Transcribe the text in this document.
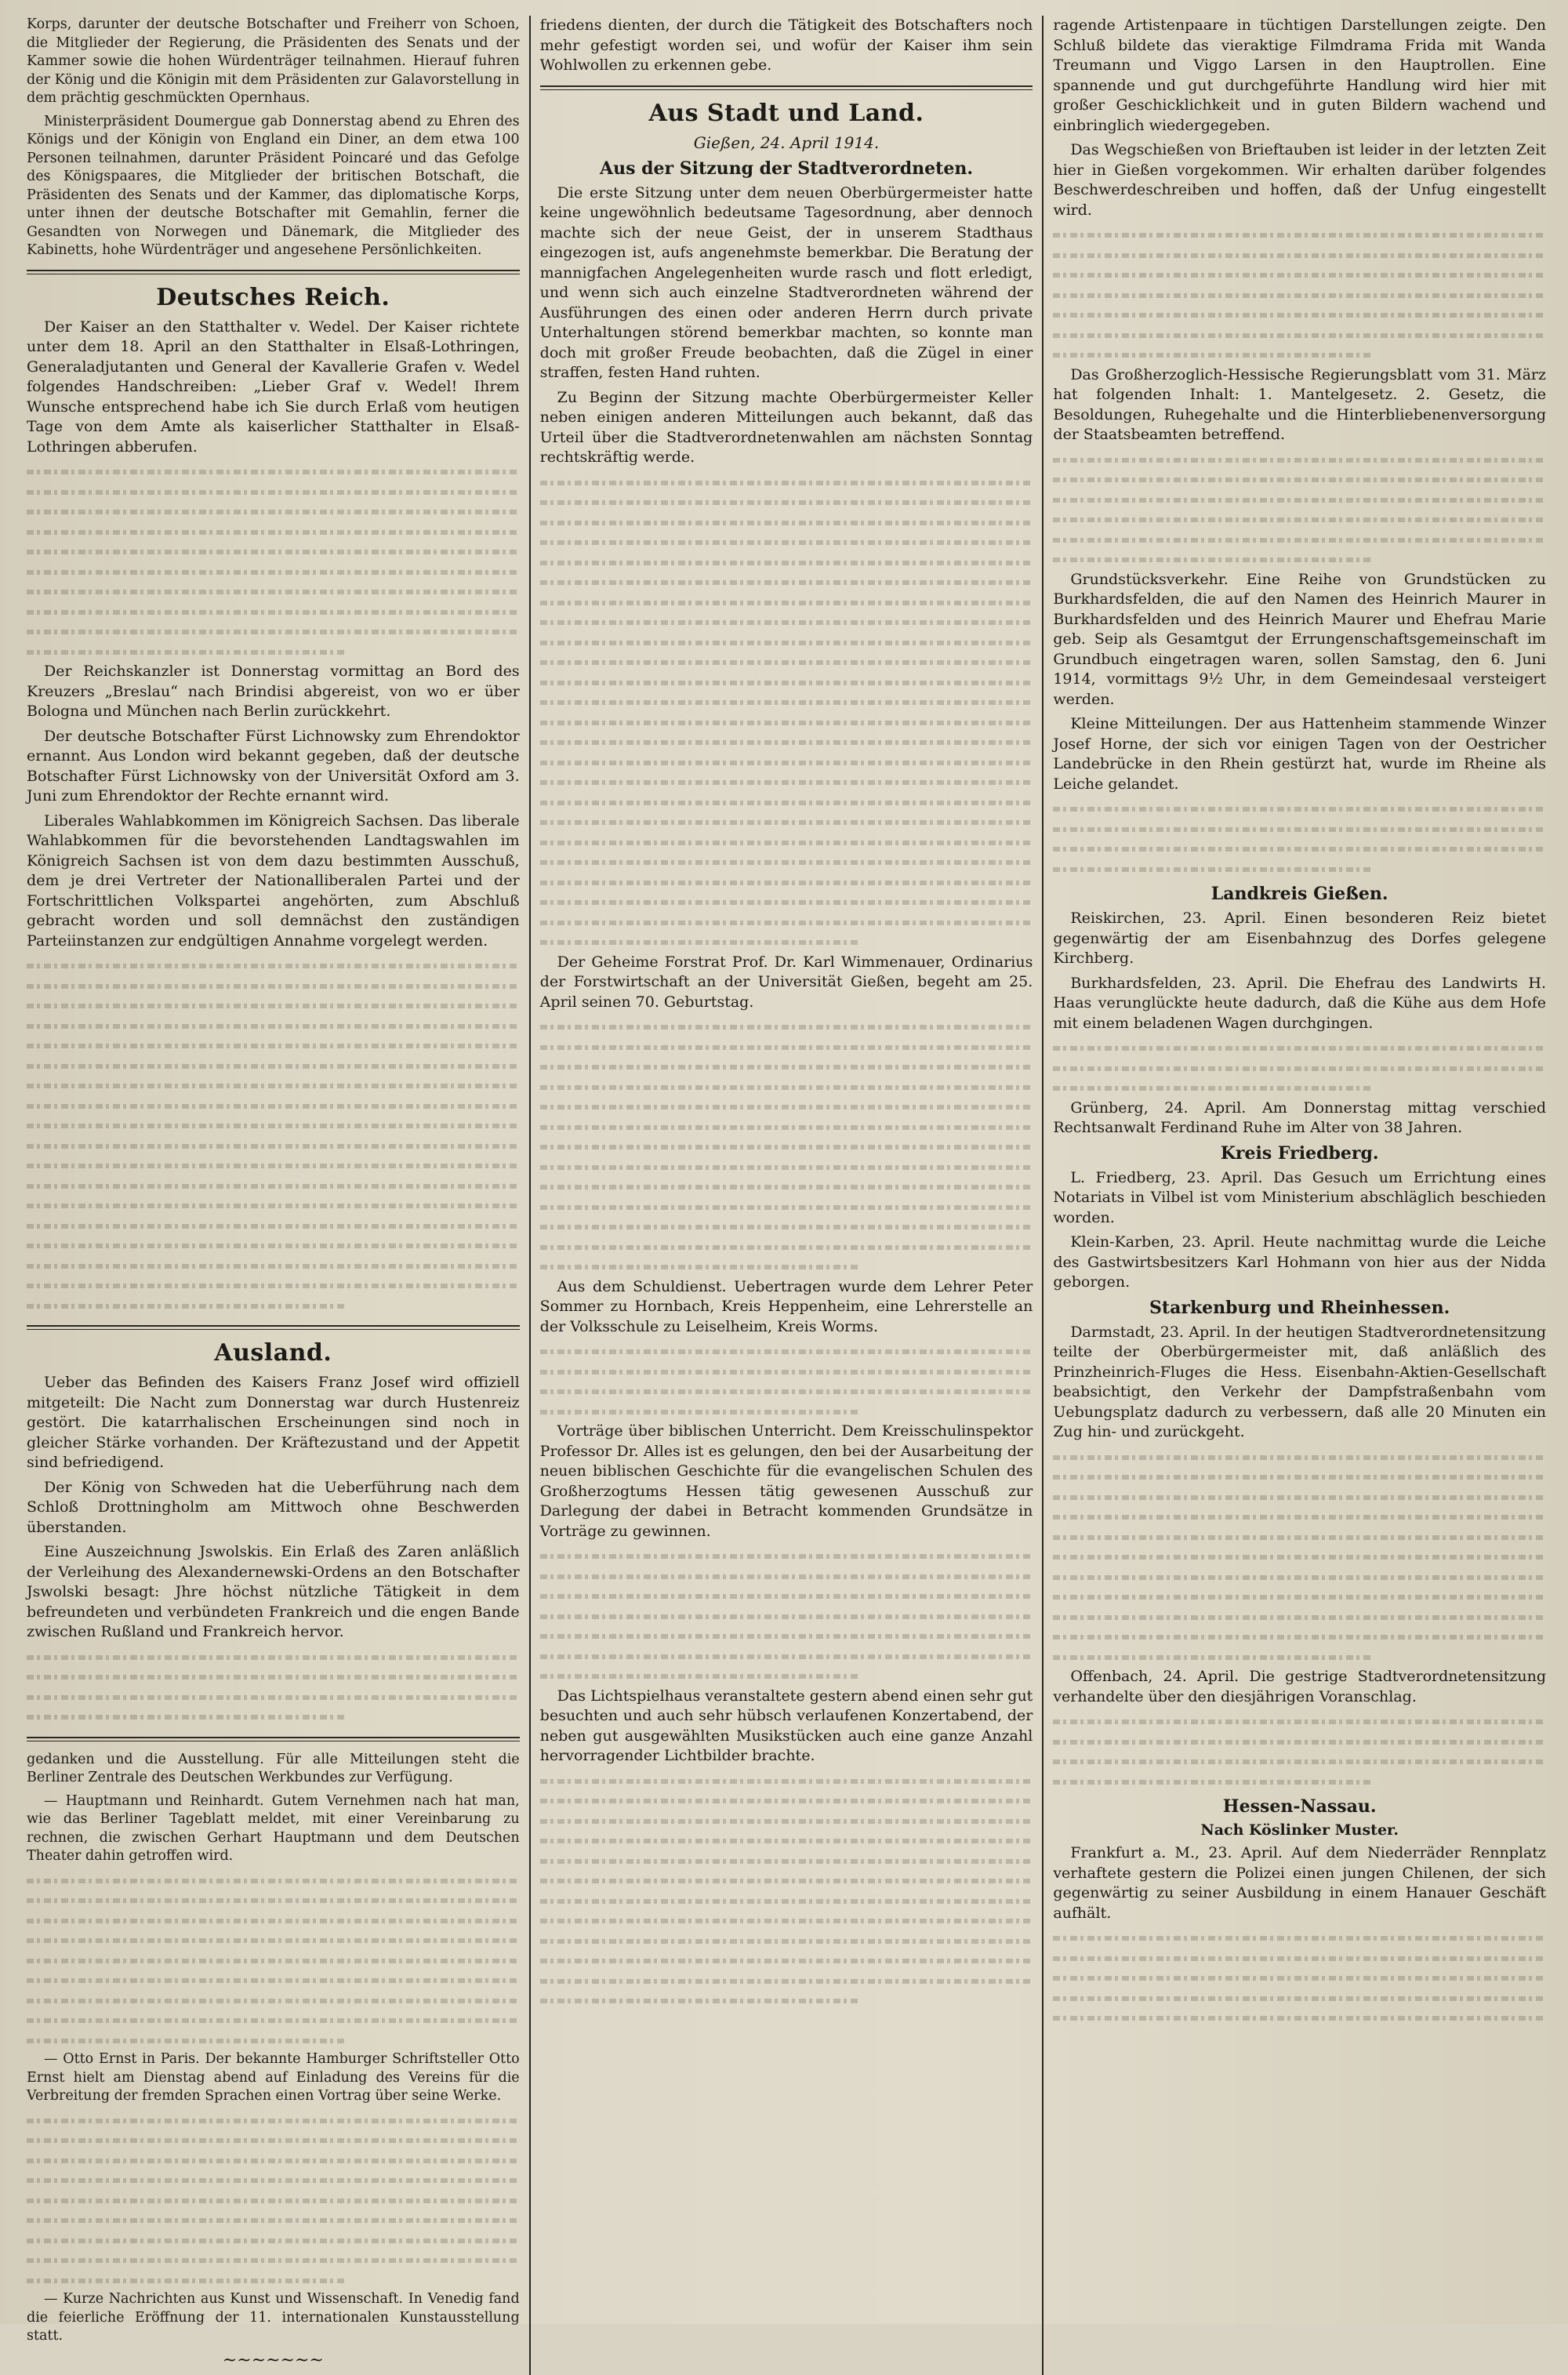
Korps, darunter der deutsche Botschafter und Freiherr von Schoen, die Mitglieder der Regierung, die Präsidenten des Senats und der Kammer sowie die hohen Würdenträger teilnahmen. Hierauf fuhren der König und die Königin mit dem Präsidenten zur Galavorstellung in dem prächtig geschmückten Opernhaus.

Ministerpräsident Doumergue gab Donnerstag abend zu Ehren des Königs und der Königin von England ein Diner, an dem etwa 100 Personen teilnahmen, darunter Präsident Poincaré und das Gefolge des Königspaares, die Mitglieder der britischen Botschaft, die Präsidenten des Senats und der Kammer, das diplomatische Korps, unter ihnen der deutsche Botschafter mit Gemahlin, ferner die Gesandten von Norwegen und Dänemark, die Mitglieder des Kabinetts, hohe Würdenträger und angesehene Persönlichkeiten.

Deutsches Reich.

Der Kaiser an den Statthalter v. Wedel. Der Kaiser richtete unter dem 18. April an den Statthalter in Elsaß-Lothringen, Generaladjutanten und General der Kavallerie Grafen v. Wedel folgendes Handschreiben: „Lieber Graf v. Wedel! Ihrem Wunsche entsprechend habe ich Sie durch Erlaß vom heutigen Tage von dem Amte als kaiserlicher Statthalter in Elsaß-Lothringen abberufen.

Der Reichskanzler ist Donnerstag vormittag an Bord des Kreuzers „Breslau“ nach Brindisi abgereist, von wo er über Bologna und München nach Berlin zurückkehrt.

Der deutsche Botschafter Fürst Lichnowsky zum Ehrendoktor ernannt. Aus London wird bekannt gegeben, daß der deutsche Botschafter Fürst Lichnowsky von der Universität Oxford am 3. Juni zum Ehrendoktor der Rechte ernannt wird.

Liberales Wahlabkommen im Königreich Sachsen. Das liberale Wahlabkommen für die bevorstehenden Landtagswahlen im Königreich Sachsen ist von dem dazu bestimmten Ausschuß, dem je drei Vertreter der Nationalliberalen Partei und der Fortschrittlichen Volkspartei angehörten, zum Abschluß gebracht worden und soll demnächst den zuständigen Parteiinstanzen zur endgültigen Annahme vorgelegt werden.

Ausland.

Ueber das Befinden des Kaisers Franz Josef wird offiziell mitgeteilt: Die Nacht zum Donnerstag war durch Hustenreiz gestört. Die katarrhalischen Erscheinungen sind noch in gleicher Stärke vorhanden. Der Kräftezustand und der Appetit sind befriedigend.

Der König von Schweden hat die Ueberführung nach dem Schloß Drottningholm am Mittwoch ohne Beschwerden überstanden.

Eine Auszeichnung Jswolskis. Ein Erlaß des Zaren anläßlich der Verleihung des Alexandernewski-Ordens an den Botschafter Jswolski besagt: Jhre höchst nützliche Tätigkeit in dem befreundeten und verbündeten Frankreich und die engen Bande zwischen Rußland und Frankreich hervor.

gedanken und die Ausstellung. Für alle Mitteilungen steht die Berliner Zentrale des Deutschen Werkbundes zur Verfügung.

— Hauptmann und Reinhardt. Gutem Vernehmen nach hat man, wie das Berliner Tageblatt meldet, mit einer Vereinbarung zu rechnen, die zwischen Gerhart Hauptmann und dem Deutschen Theater dahin getroffen wird.

— Otto Ernst in Paris. Der bekannte Hamburger Schriftsteller Otto Ernst hielt am Dienstag abend auf Einladung des Vereins für die Verbreitung der fremden Sprachen einen Vortrag über seine Werke.

— Kurze Nachrichten aus Kunst und Wissenschaft. In Venedig fand die feierliche Eröffnung der 11. internationalen Kunstausstellung statt.

~~~~~~~

friedens dienten, der durch die Tätigkeit des Botschafters noch mehr gefestigt worden sei, und wofür der Kaiser ihm sein Wohlwollen zu erkennen gebe.

Aus Stadt und Land.
Gießen, 24. April 1914.
Aus der Sitzung der Stadtverordneten.

Die erste Sitzung unter dem neuen Oberbürgermeister hatte keine ungewöhnlich bedeutsame Tagesordnung, aber dennoch machte sich der neue Geist, der in unserem Stadthaus eingezogen ist, aufs angenehmste bemerkbar. Die Beratung der mannigfachen Angelegenheiten wurde rasch und flott erledigt, und wenn sich auch einzelne Stadtverordneten während der Ausführungen des einen oder anderen Herrn durch private Unterhaltungen störend bemerkbar machten, so konnte man doch mit großer Freude beobachten, daß die Zügel in einer straffen, festen Hand ruhten.

Zu Beginn der Sitzung machte Oberbürgermeister Keller neben einigen anderen Mitteilungen auch bekannt, daß das Urteil über die Stadtverordnetenwahlen am nächsten Sonntag rechtskräftig werde.

Der Geheime Forstrat Prof. Dr. Karl Wimmenauer, Ordinarius der Forstwirtschaft an der Universität Gießen, begeht am 25. April seinen 70. Geburtstag.

Aus dem Schuldienst. Uebertragen wurde dem Lehrer Peter Sommer zu Hornbach, Kreis Heppenheim, eine Lehrerstelle an der Volksschule zu Leiselheim, Kreis Worms.

Vorträge über biblischen Unterricht. Dem Kreisschulinspektor Professor Dr. Alles ist es gelungen, den bei der Ausarbeitung der neuen biblischen Geschichte für die evangelischen Schulen des Großherzogtums Hessen tätig gewesenen Ausschuß zur Darlegung der dabei in Betracht kommenden Grundsätze in Vorträge zu gewinnen.

Das Lichtspielhaus veranstaltete gestern abend einen sehr gut besuchten und auch sehr hübsch verlaufenen Konzertabend, der neben gut ausgewählten Musikstücken auch eine ganze Anzahl hervorragender Lichtbilder brachte.

ragende Artistenpaare in tüchtigen Darstellungen zeigte. Den Schluß bildete das vieraktige Filmdrama Frida mit Wanda Treumann und Viggo Larsen in den Hauptrollen. Eine spannende und gut durchgeführte Handlung wird hier mit großer Geschicklichkeit und in guten Bildern wachend und einbringlich wiedergegeben.

Das Wegschießen von Brieftauben ist leider in der letzten Zeit hier in Gießen vorgekommen. Wir erhalten darüber folgendes Beschwerdeschreiben und hoffen, daß der Unfug eingestellt wird.

Das Großherzoglich-Hessische Regierungsblatt vom 31. März hat folgenden Inhalt: 1. Mantelgesetz. 2. Gesetz, die Besoldungen, Ruhegehalte und die Hinterbliebenenversorgung der Staatsbeamten betreffend.

Grundstücksverkehr. Eine Reihe von Grundstücken zu Burkhardsfelden, die auf den Namen des Heinrich Maurer in Burkhardsfelden und des Heinrich Maurer und Ehefrau Marie geb. Seip als Gesamtgut der Errungenschaftsgemeinschaft im Grundbuch eingetragen waren, sollen Samstag, den 6. Juni 1914, vormittags 9½ Uhr, in dem Gemeindesaal versteigert werden.

Kleine Mitteilungen. Der aus Hattenheim stammende Winzer Josef Horne, der sich vor einigen Tagen von der Oestricher Landebrücke in den Rhein gestürzt hat, wurde im Rheine als Leiche gelandet.

Landkreis Gießen.

Reiskirchen, 23. April. Einen besonderen Reiz bietet gegenwärtig der am Eisenbahnzug des Dorfes gelegene Kirchberg.

Burkhardsfelden, 23. April. Die Ehefrau des Landwirts H. Haas verunglückte heute dadurch, daß die Kühe aus dem Hofe mit einem beladenen Wagen durchgingen.

Grünberg, 24. April. Am Donnerstag mittag verschied Rechtsanwalt Ferdinand Ruhe im Alter von 38 Jahren.

Kreis Friedberg.

L. Friedberg, 23. April. Das Gesuch um Errichtung eines Notariats in Vilbel ist vom Ministerium abschläglich beschieden worden.

Klein-Karben, 23. April. Heute nachmittag wurde die Leiche des Gastwirtsbesitzers Karl Hohmann von hier aus der Nidda geborgen.

Starkenburg und Rheinhessen.

Darmstadt, 23. April. In der heutigen Stadtverordnetensitzung teilte der Oberbürgermeister mit, daß anläßlich des Prinzheinrich-Fluges die Hess. Eisenbahn-Aktien-Gesellschaft beabsichtigt, den Verkehr der Dampfstraßenbahn vom Uebungsplatz dadurch zu verbessern, daß alle 20 Minuten ein Zug hin- und zurückgeht.

Offenbach, 24. April. Die gestrige Stadtverordnetensitzung verhandelte über den diesjährigen Voranschlag.

Hessen-Nassau.
Nach Köslinker Muster.

Frankfurt a. M., 23. April. Auf dem Niederräder Rennplatz verhaftete gestern die Polizei einen jungen Chilenen, der sich gegenwärtig zu seiner Ausbildung in einem Hanauer Geschäft aufhält.
